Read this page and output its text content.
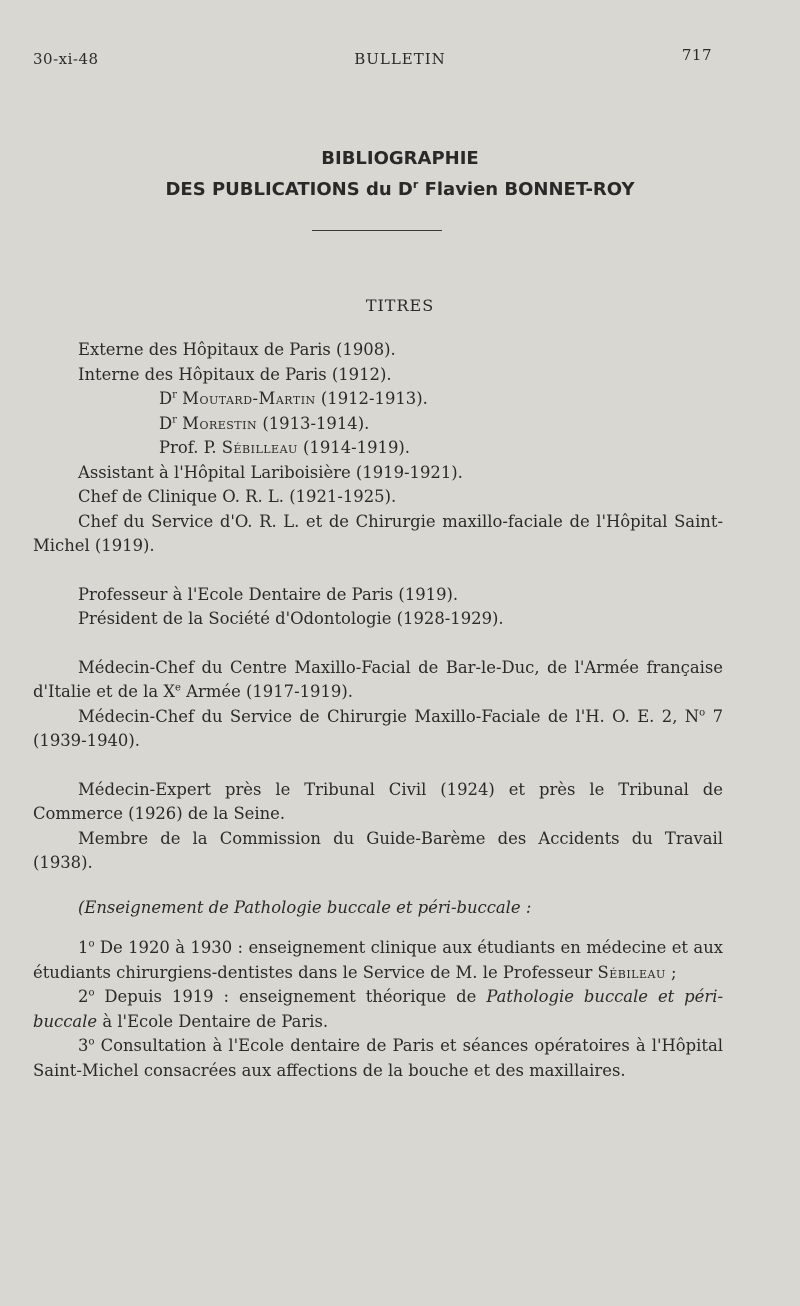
30-xi-48	BULLETIN	717
BIBLIOGRAPHIE
DES PUBLICATIONS du $D^r$ Flavien BONNET-ROY
TITRES

Externe des Hôpitaux de Paris (1908).

Interne des Hôpitaux de Paris (1912).

$D^r$ Moutard-Martin (1912-1913).

$D^r$ Morestin (1913-1914).

Prof. P. Sébilleau (1914-1919).

Assistant à l'Hôpital Lariboisière (1919-1921).

Chef de Clinique O. R. L. (1921-1925).

Chef du Service d'O. R. L. et de Chirurgie maxillo-faciale de l'Hôpital Saint-Michel (1919).

Professeur à l'Ecole Dentaire de Paris (1919).

Président de la Société d'Odontologie (1928-1929).

Médecin-Chef du Centre Maxillo-Facial de Bar-le-Duc, de l'Armée française d'Italie et de la Xe Armée (1917-1919).

Médecin-Chef du Service de Chirurgie Maxillo-Faciale de l'H. O. E. 2, $N^o$ 7 (1939-1940).

Médecin-Expert près le Tribunal Civil (1924) et près le Tribunal de Commerce (1926) de la Seine.

Membre de la Commission du Guide-Barème des Accidents du Travail (1938).

(Enseignement de Pathologie buccale et péri-buccale :

1$^o$ De 1920 à 1930 : enseignement clinique aux étudiants en médecine et aux étudiants chirurgiens-dentistes dans le Service de M. le Professeur Sébileau ;

2$^o$ Depuis 1919 : enseignement théorique de Pathologie buccale et péri-buccale à l'Ecole Dentaire de Paris.

3$^o$ Consultation à l'Ecole dentaire de Paris et séances opératoires à l'Hôpital Saint-Michel consacrées aux affections de la bouche et des maxillaires.
